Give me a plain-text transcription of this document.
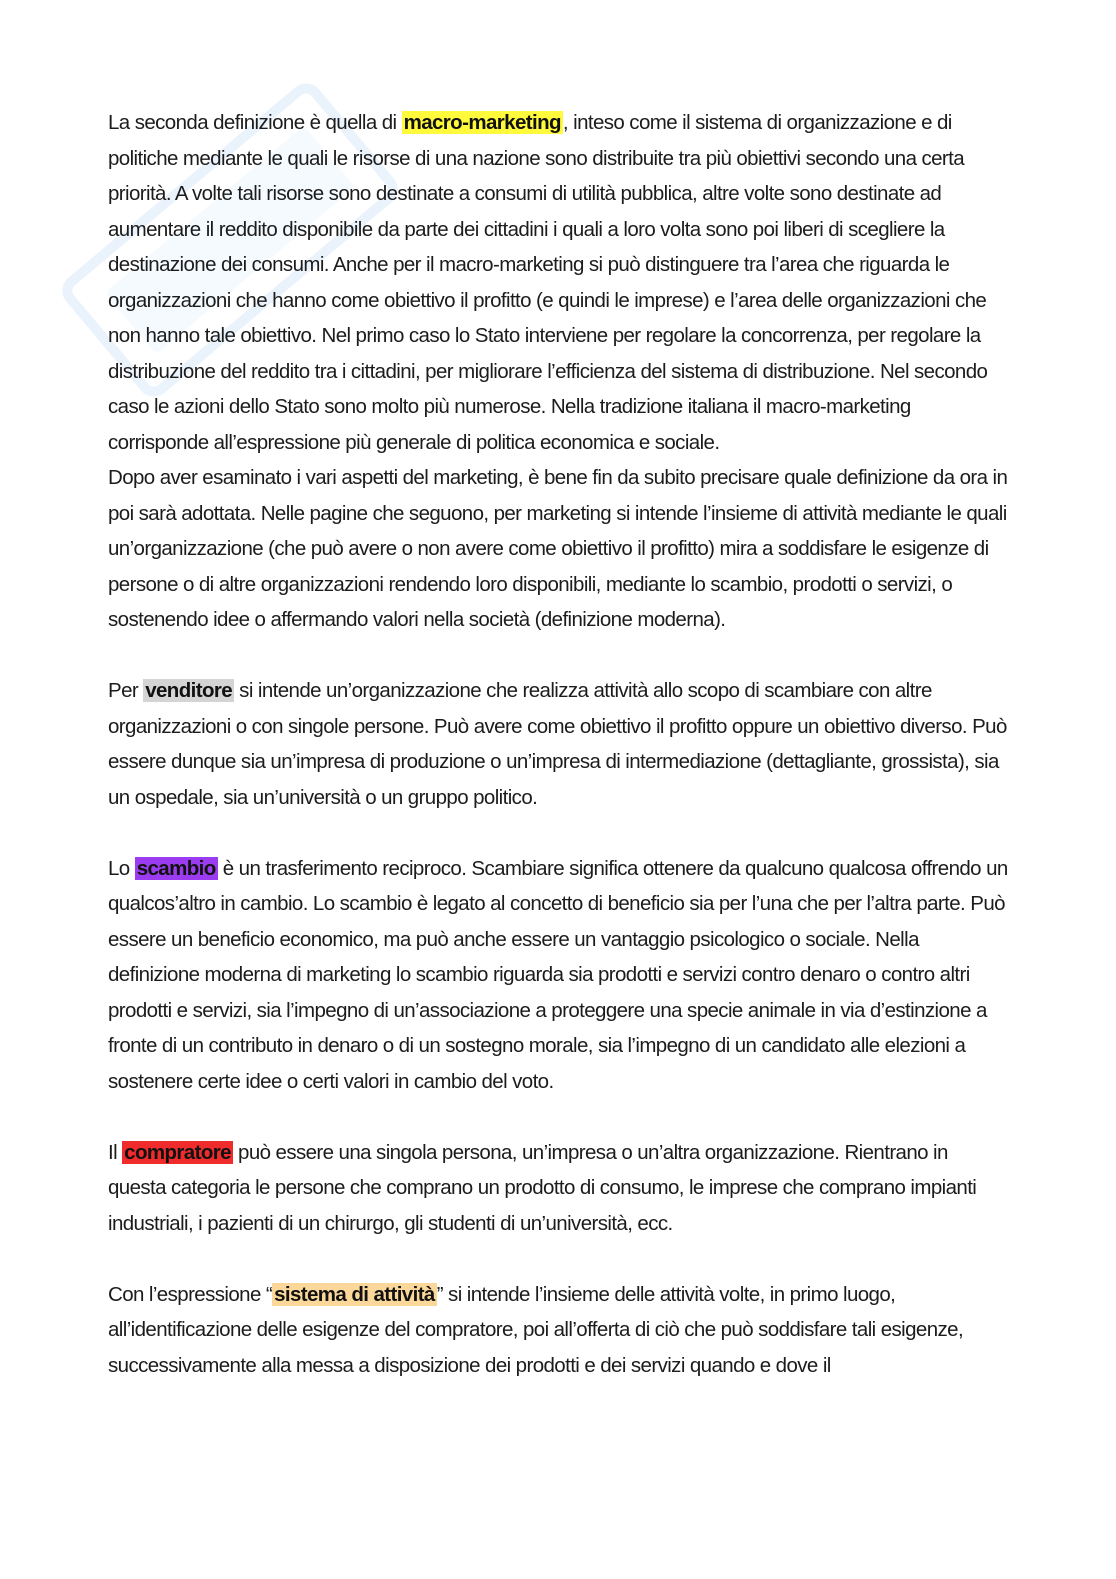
La seconda definizione è quella di macro-marketing, inteso come il sistema di organizzazione e di politiche mediante le quali le risorse di una nazione sono distribuite tra più obiettivi secondo una certa priorità. A volte tali risorse sono destinate a consumi di utilità pubblica, altre volte sono destinate ad aumentare il reddito disponibile da parte dei cittadini i quali a loro volta sono poi liberi di scegliere la destinazione dei consumi. Anche per il macro-marketing si può distinguere tra l’area che riguarda le organizzazioni che hanno come obiettivo il profitto (e quindi le imprese) e l’area delle organizzazioni che non hanno tale obiettivo. Nel primo caso lo Stato interviene per regolare la concorrenza, per regolare la distribuzione del reddito tra i cittadini, per migliorare l’efficienza del sistema di distribuzione. Nel secondo caso le azioni dello Stato sono molto più numerose. Nella tradizione italiana il macro-marketing corrisponde all’espressione più generale di politica economica e sociale.

Dopo aver esaminato i vari aspetti del marketing, è bene fin da subito precisare quale definizione da ora in poi sarà adottata. Nelle pagine che seguono, per marketing si intende l’insieme di attività mediante le quali un’organizzazione (che può avere o non avere come obiettivo il profitto) mira a soddisfare le esigenze di persone o di altre organizzazioni rendendo loro disponibili, mediante lo scambio, prodotti o servizi, o sostenendo idee o affermando valori nella società (definizione moderna).

Per venditore si intende un’organizzazione che realizza attività allo scopo di scambiare con altre organizzazioni o con singole persone. Può avere come obiettivo il profitto oppure un obiettivo diverso. Può essere dunque sia un’impresa di produzione o un’impresa di intermediazione (dettagliante, grossista), sia un ospedale, sia un’università o un gruppo politico.

Lo scambio è un trasferimento reciproco. Scambiare significa ottenere da qualcuno qualcosa offrendo un qualcos’altro in cambio. Lo scambio è legato al concetto di beneficio sia per l’una che per l’altra parte. Può essere un beneficio economico, ma può anche essere un vantaggio psicologico o sociale. Nella definizione moderna di marketing lo scambio riguarda sia prodotti e servizi contro denaro o contro altri prodotti e servizi, sia l’impegno di un’associazione a proteggere una specie animale in via d’estinzione a fronte di un contributo in denaro o di un sostegno morale, sia l’impegno di un candidato alle elezioni a sostenere certe idee o certi valori in cambio del voto.

Il compratore può essere una singola persona, un’impresa o un’altra organizzazione. Rientrano in questa categoria le persone che comprano un prodotto di consumo, le imprese che comprano impianti industriali, i pazienti di un chirurgo, gli studenti di un’università, ecc.

Con l’espressione “sistema di attività” si intende l’insieme delle attività volte, in primo luogo, all’identificazione delle esigenze del compratore, poi all’offerta di ciò che può soddisfare tali esigenze, successivamente alla messa a disposizione dei prodotti e dei servizi quando e dove il
